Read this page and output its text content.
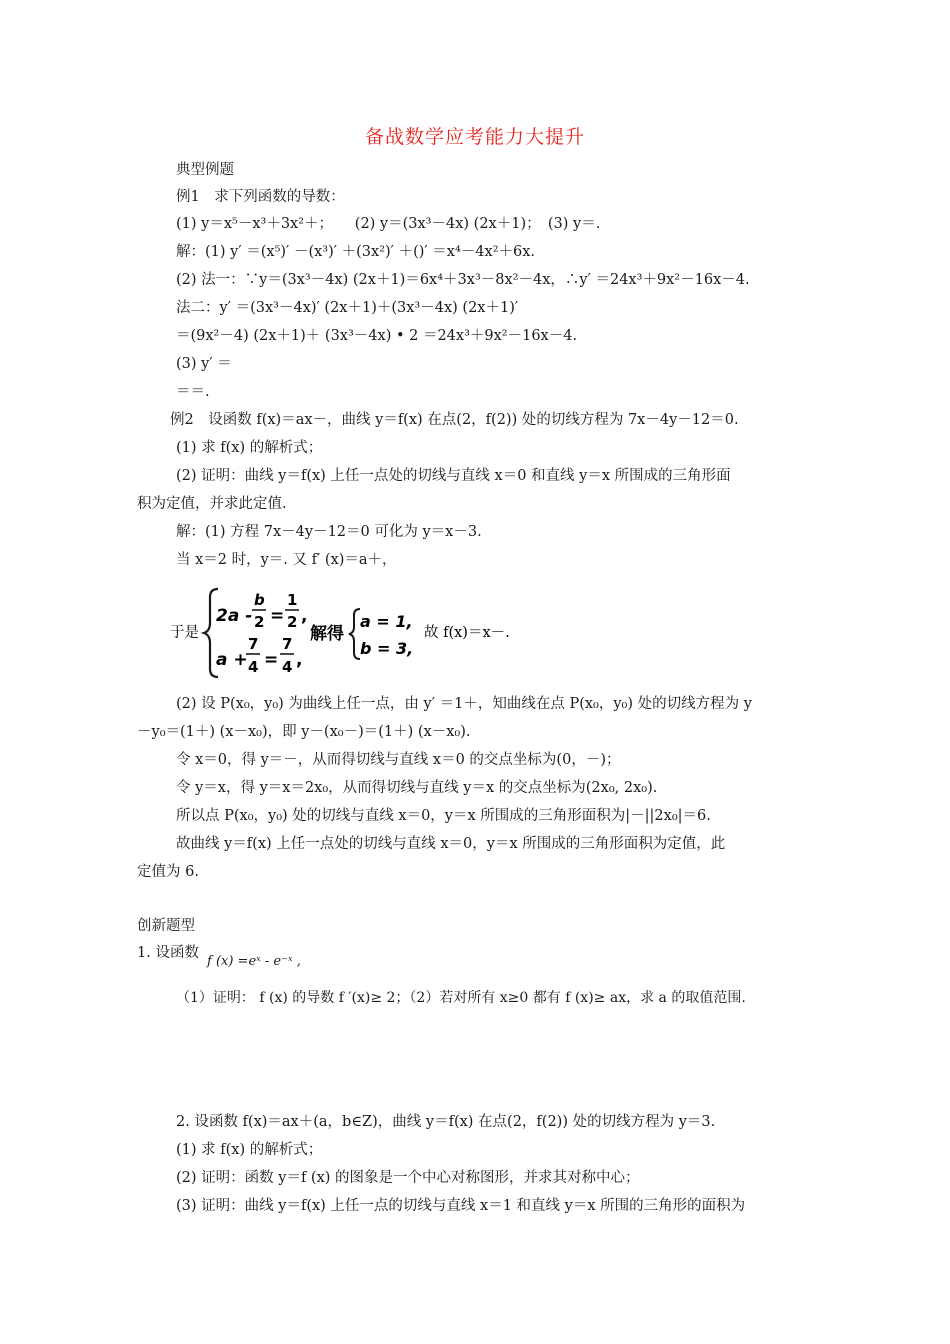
备战数学应考能力大提升
典型例题
例1　求下列函数的导数：
(1) y＝x⁵－x³＋3x²＋；　　(2) y＝(3x³－4x) (2x＋1)；　(3) y＝.
解：(1) y′ ＝(x⁵)′ －(x³)′ ＋(3x²)′ ＋()′ ＝x⁴－4x²＋6x.
(2) 法一：∵y＝(3x³－4x) (2x＋1)＝6x⁴＋3x³－8x²－4x，∴y′ ＝24x³＋9x²－16x－4.
法二：y′ ＝(3x³－4x)′ (2x＋1)＋(3x³－4x) (2x＋1)′
＝(9x²－4) (2x＋1)＋ (3x³－4x) • 2 ＝24x³＋9x²－16x－4.
(3) y′ ＝
＝＝.
例2　设函数 f(x)＝ax－，曲线 y＝f(x) 在点(2，f(2)) 处的切线方程为 7x－4y－12＝0.
(1) 求 f(x) 的解析式；
(2) 证明：曲线 y＝f(x) 上任一点处的切线与直线 x＝0 和直线 y＝x 所围成的三角形面
积为定值，并求此定值.
解：(1) 方程 7x－4y－12＝0 可化为 y＝x－3.
当 x＝2 时，y＝. 又 f′ (x)＝a＋，
于是
2a -
b
2 =
1
2 ,
a +
7
4 =
7
4 ,
解得
a = 1,
b = 3,
故 f(x)＝x－.
(2) 设 P(x₀，y₀) 为曲线上任一点，由 y′ ＝1＋，知曲线在点 P(x₀，y₀) 处的切线方程为 y
－y₀＝(1＋) (x－x₀)，即 y－(x₀－)＝(1＋) (x－x₀).
令 x＝0，得 y＝－，从而得切线与直线 x＝0 的交点坐标为(0，－)；
令 y＝x，得 y＝x＝2x₀，从而得切线与直线 y＝x 的交点坐标为(2x₀, 2x₀).
所以点 P(x₀，y₀) 处的切线与直线 x＝0，y＝x 所围成的三角形面积为|－||2x₀|＝6.
故曲线 y＝f(x) 上任一点处的切线与直线 x＝0，y＝x 所围成的三角形面积为定值，此
定值为 6.
创新题型
1. 设函数
f (x) =eˣ - e⁻ˣ ,
（1）证明： f (x) 的导数 f ′(x)≥ 2；（2）若对所有 x≥0 都有 f (x)≥ ax，求 a 的取值范围.
2. 设函数 f(x)＝ax＋(a，b∈Z)，曲线 y＝f(x) 在点(2，f(2)) 处的切线方程为 y＝3.
(1) 求 f(x) 的解析式；
(2) 证明：函数 y＝f (x) 的图象是一个中心对称图形，并求其对称中心；
(3) 证明：曲线 y＝f(x) 上任一点的切线与直线 x＝1 和直线 y＝x 所围的三角形的面积为
